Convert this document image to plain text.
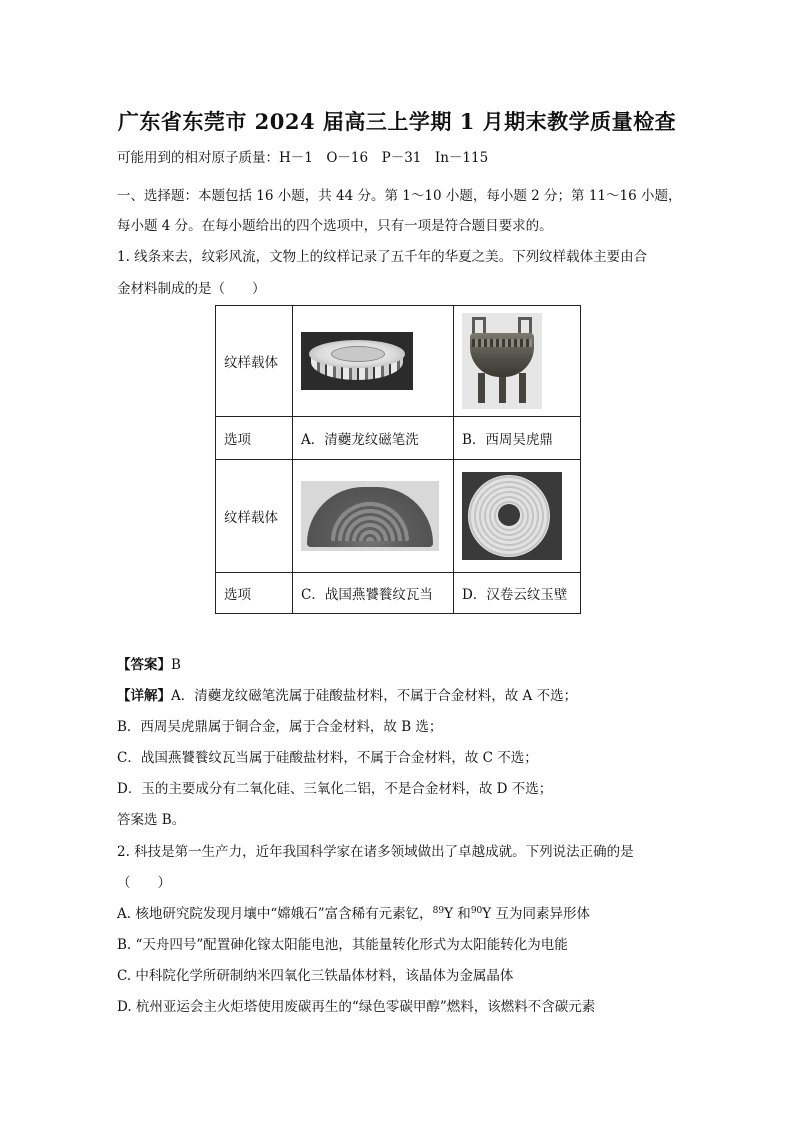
广东省东莞市 2024 届高三上学期 1 月期末教学质量检查
可能用到的相对原子质量：H－1　O－16　P－31　In－115
一、选择题：本题包括 16 小题，共 44 分。第 1～10 小题，每小题 2 分；第 11～16 小题，
每小题 4 分。在每小题给出的四个选项中，只有一项是符合题目要求的。
1. 线条来去，纹彩风流，文物上的纹样记录了五千年的华夏之美。下列纹样载体主要由合
金材料制成的是（　　）
纹样载体	

选项	A．清蘷龙纹磁笔洗	B．西周吴虎鼎
纹样载体	

选项	C．战国燕饕餮纹瓦当	D．汉卷云纹玉壁
【答案】B
【详解】A．清蘷龙纹磁笔洗属于硅酸盐材料，不属于合金材料，故 A 不选；
B．西周吴虎鼎属于铜合金，属于合金材料，故 B 选；
C．战国燕饕餮纹瓦当属于硅酸盐材料，不属于合金材料，故 C 不选；
D．玉的主要成分有二氧化硅、三氧化二铝，不是合金材料，故 D 不选；
答案选 B。
2. 科技是第一生产力，近年我国科学家在诸多领域做出了卓越成就。下列说法正确的是
（　　）
A. 核地研究院发现月壤中“嫦娥石”富含稀有元素钇，$^{89}$Y 和$^{90}$Y 互为同素异形体
B. “天舟四号”配置砷化镓太阳能电池，其能量转化形式为太阳能转化为电能
C. 中科院化学所研制纳米四氧化三铁晶体材料，该晶体为金属晶体
D. 杭州亚运会主火炬塔使用废碳再生的“绿色零碳甲醇”燃料，该燃料不含碳元素
